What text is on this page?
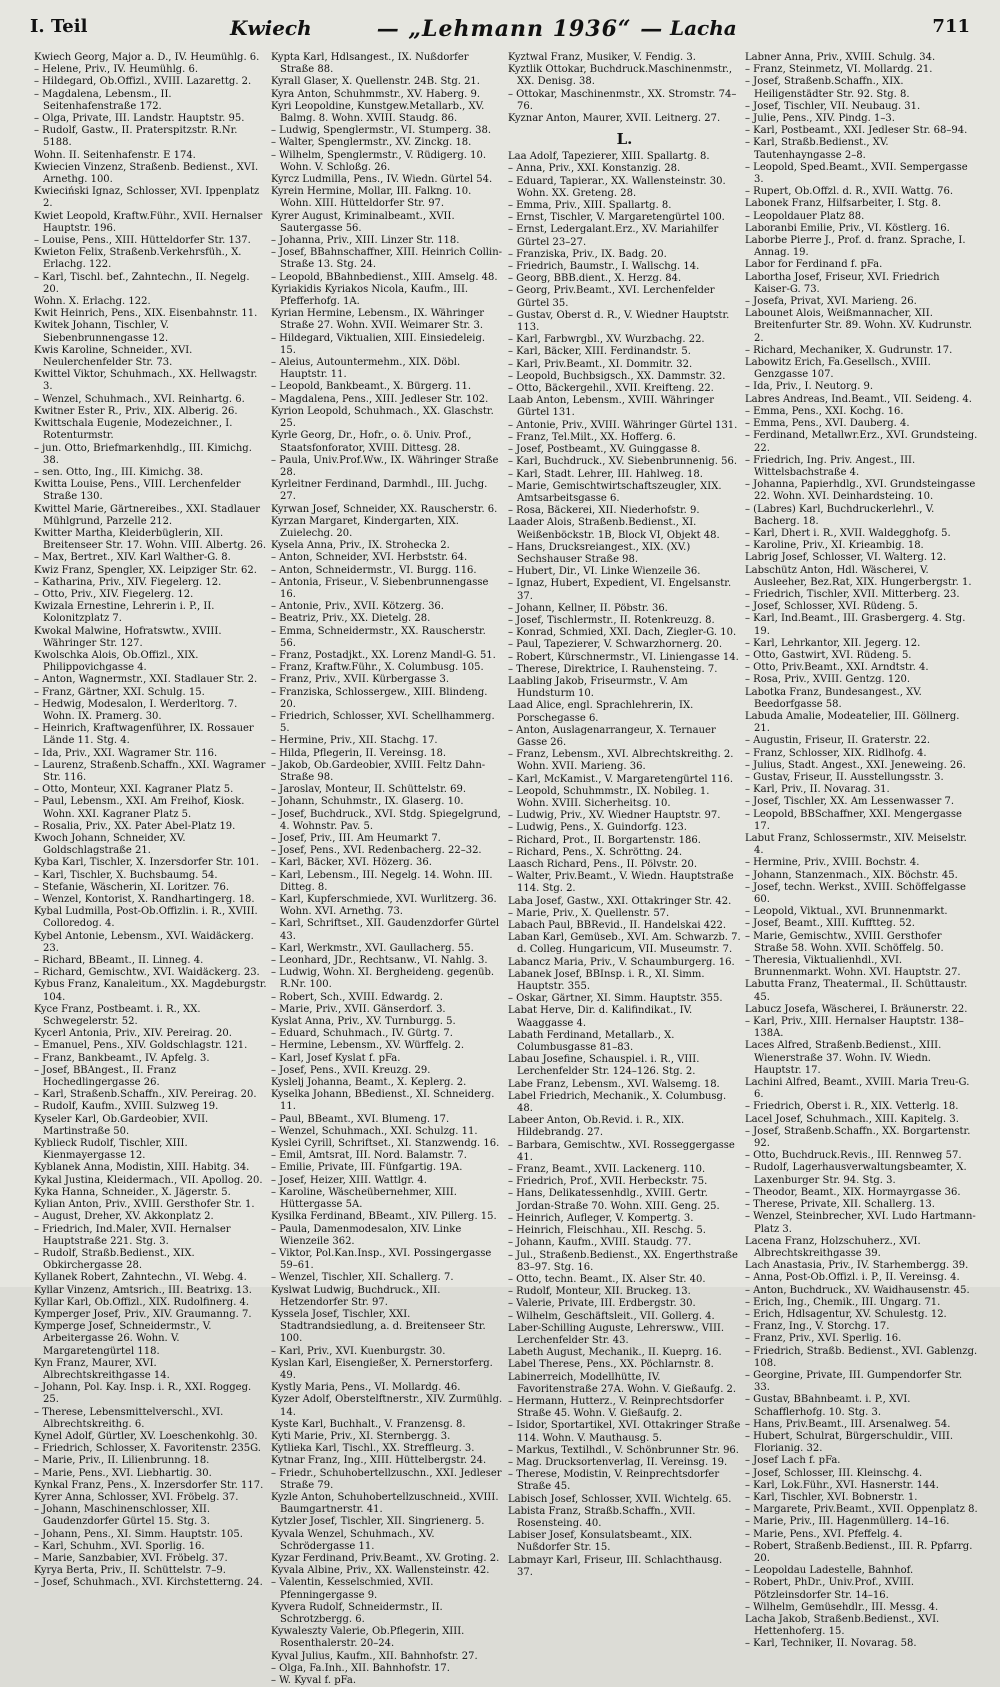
I. Teil	Kwiech	— „Lehmann 1936“ — Lacha	711

Kwiech Georg, Major a. D., IV. Heumühlg. 6.

– Helene, Priv., IV. Heumühlg. 6.

– Hildegard, Ob.Offizl., XVIII. Lazarettg. 2.

– Magdalena, Lebensm., II. Seitenhafenstraße 172.

– Olga, Private, III. Landstr. Hauptstr. 95.

– Rudolf, Gastw., II. Praterspitzstr. R.Nr. 5188.

Wohn. II. Seitenhafenstr. E 174.

Kwiecien Vinzenz, Straßenb. Bedienst., XVI. Arnethg. 100.

Kwieciński Ignaz, Schlosser, XVI. Ippenplatz 2.

Kwiet Leopold, Kraftw.Führ., XVII. Hernalser Hauptstr. 196.

– Louise, Pens., XIII. Hütteldorfer Str. 137.

Kwieton Felix, Straßenb.Verkehrsfüh., X. Erlachg. 122.

– Karl, Tischl. bef., Zahntechn., II. Negelg. 20.

Wohn. X. Erlachg. 122.

Kwit Heinrich, Pens., XIX. Eisenbahnstr. 11.

Kwitek Johann, Tischler, V. Siebenbrunnengasse 12.

Kwis Karoline, Schneider., XVI. Neulerchenfelder Str. 73.

Kwittel Viktor, Schuhmach., XX. Hellwagstr. 3.

– Wenzel, Schuhmach., XVI. Reinhartg. 6.

Kwitner Ester R., Priv., XIX. Alberig. 26.

Kwittschala Eugenie, Modezeichner., I. Rotenturmstr.

– jun. Otto, Briefmarkenhdlg., III. Kimichg. 38.

– sen. Otto, Ing., III. Kimichg. 38.

Kwitta Louise, Pens., VIII. Lerchenfelder Straße 130.

Kwittel Marie, Gärtnereibes., XXI. Stadlauer Mühlgrund, Parzelle 212.

Kwitter Martha, Kleiderbüglerin, XII. Breitenseer Str. 17. Wohn. VIII. Albertg. 26.

– Max, Bertret., XIV. Karl Walther-G. 8.

Kwiz Franz, Spengler, XX. Leipziger Str. 62.

– Katharina, Priv., XIV. Fiegelerg. 12.

– Otto, Priv., XIV. Fiegelerg. 12.

Kwizala Ernestine, Lehrerin i. P., II. Kolonitzplatz 7.

Kwokal Malwine, Hofratswtw., XVIII. Währinger Str. 127.

Kwolschka Alois, Ob.Offizl., XIX. Philippovichgasse 4.

– Anton, Wagnermstr., XXI. Stadlauer Str. 2.

– Franz, Gärtner, XXI. Schulg. 15.

– Hedwig, Modesalon, I. Werderltorg. 7. Wohn. IX. Pramerg. 30.

– Heinrich, Kraftwagenführer, IX. Rossauer Lände 11. Stg. 4.

– Ida, Priv., XXI. Wagramer Str. 116.

– Laurenz, Straßenb.Schaffn., XXI. Wagramer Str. 116.

– Otto, Monteur, XXI. Kagraner Platz 5.

– Paul, Lebensm., XXI. Am Freihof, Kiosk. Wohn. XXI. Kagraner Platz 5.

– Rosalia, Priv., XX. Pater Abel-Platz 19.

Kwoch Johann, Schneider, XV. Goldschlagstraße 21.

Kyba Karl, Tischler, X. Inzersdorfer Str. 101.

– Karl, Tischler, X. Buchsbaumg. 54.

– Stefanie, Wäscherin, XI. Loritzer. 76.

– Wenzel, Kontorist, X. Randhartingerg. 18.

Kybal Ludmilla, Post-Ob.Offizlin. i. R., XVIII. Colloredog. 4.

Kybel Antonie, Lebensm., XVI. Waidäckerg. 23.

– Richard, BBeamt., II. Linneg. 4.

– Richard, Gemischtw., XVI. Waidäckerg. 23.

Kybus Franz, Kanaleitum., XX. Magdeburgstr. 104.

Kyce Franz, Postbeamt. i. R., XX. Schwegelerstr. 52.

Kycerl Antonia, Priv., XIV. Pereirag. 20.

– Emanuel, Pens., XIV. Goldschlagstr. 121.

– Franz, Bankbeamt., IV. Apfelg. 3.

– Josef, BBAngest., II. Franz Hochedlingergasse 26.

– Karl, Straßenb.Schaffn., XIV. Pereirag. 20.

– Rudolf, Kaufm., XVIII. Sulzweg 19.

Kyseler Karl, Ob.Gardeobier, XVII. Martinstraße 50.

Kyblieck Rudolf, Tischler, XIII. Kienmayergasse 12.

Kyblanek Anna, Modistin, XIII. Habitg. 34.

Kykal Justina, Kleidermach., VII. Apollog. 20.

Kyka Hanna, Schneider., X. Jägerstr. 5.

Kylian Anton, Priv., XVIII. Gersthofer Str. 1.

– August, Dreher, XV. Akkonplatz 2.

– Friedrich, Ind.Maler, XVII. Hernalser Hauptstraße 221. Stg. 3.

– Rudolf, Straßb.Bedienst., XIX. Obkirchergasse 28.

Kyllanek Robert, Zahntechn., VI. Webg. 4.

Kyllar Vinzenz, Amtsrich., III. Beatrixg. 13.

Kyllar Karl, Ob.Offizl., XIX. Rudolfinerg. 4.

Kymperger Josef, Priv., XIV. Graumanng. 7.

Kymperge Josef, Schneidermstr., V. Arbeitergasse 26. Wohn. V. Margaretengürtel 118.

Kyn Franz, Maurer, XVI. Albrechtskreithgasse 14.

– Johann, Pol. Kay. Insp. i. R., XXI. Roggeg. 25.

– Therese, Lebensmittelverschl., XVI. Albrechtskreithg. 6.

Kynel Adolf, Gürtler, XV. Loeschenkohlg. 30.

– Friedrich, Schlosser, X. Favoritenstr. 235G.

– Marie, Priv., II. Lilienbrunng. 18.

– Marie, Pens., XVI. Liebhartig. 30.

Kynkal Franz, Pens., X. Inzersdorfer Str. 117.

Kyrer Anna, Schlosser, XVI. Fröbelg. 37.

– Johann, Maschinenschlosser, XII. Gaudenzdorfer Gürtel 15. Stg. 3.

– Johann, Pens., XI. Simm. Hauptstr. 105.

– Karl, Schuhm., XVI. Sporlig. 16.

– Marie, Sanzbabier, XVI. Fröbelg. 37.

Kyrya Berta, Priv., II. Schüttelstr. 7–9.

– Josef, Schuhmach., XVI. Kirchstetterng. 24.

Kypta Karl, Hdlsangest., IX. Nußdorfer Straße 88.

Kyrall Glaser, X. Quellenstr. 24B. Stg. 21.

Kyra Anton, Schuhmmstr., XV. Haberg. 9.

Kyri Leopoldine, Kunstgew.Metallarb., XV. Balmg. 8. Wohn. XVIII. Staudg. 86.

– Ludwig, Spenglermstr., VI. Stumperg. 38.

– Walter, Spenglermstr., XV. Zinckg. 18.

– Wilhelm, Spenglermstr., V. Rüdigerg. 10. Wohn. V. Schloßg. 26.

Kyrcz Ludmilla, Pens., IV. Wiedn. Gürtel 54.

Kyrein Hermine, Mollar, III. Falkng. 10. Wohn. XIII. Hütteldorfer Str. 97.

Kyrer August, Kriminalbeamt., XVII. Sautergasse 56.

– Johanna, Priv., XIII. Linzer Str. 118.

– Josef, BBahnschaffner, XIII. Heinrich Collin-Straße 13. Stg. 24.

– Leopold, BBahnbedienst., XIII. Amselg. 48.

Kyriakidis Kyriakos Nicola, Kaufm., III. Pfefferhofg. 1A.

Kyrian Hermine, Lebensm., IX. Währinger Straße 27. Wohn. XVII. Weimarer Str. 3.

– Hildegard, Viktualien, XIII. Einsiedeleig. 15.

– Aleius, Autountermehm., XIX. Döbl. Hauptstr. 11.

– Leopold, Bankbeamt., X. Bürgerg. 11.

– Magdalena, Pens., XIII. Jedleser Str. 102.

Kyrion Leopold, Schuhmach., XX. Glaschstr. 25.

Kyrle Georg, Dr., Hofr., o. ö. Univ. Prof., Staatsfonforator, XVIII. Dittesg. 28.

– Paula, Univ.Prof.Ww., IX. Währinger Straße 28.

Kyrleitner Ferdinand, Darmhdl., III. Juchg. 27.

Kyrwan Josef, Schneider, XX. Rauscherstr. 6.

Kyrzan Margaret, Kindergarten, XIX. Zuielechg. 20.

Kysela Anna, Priv., IX. Strohecka 2.

– Anton, Schneider, XVI. Herbststr. 64.

– Anton, Schneidermstr., VI. Burgg. 116.

– Antonia, Friseur., V. Siebenbrunnengasse 16.

– Antonie, Priv., XVII. Kötzerg. 36.

– Beatriz, Priv., XX. Dietelg. 28.

– Emma, Schneidermstr., XX. Rauscherstr. 56.

– Franz, Postadjkt., XX. Lorenz Mandl-G. 51.

– Franz, Kraftw.Führ., X. Columbusg. 105.

– Franz, Priv., XVII. Kürbergasse 3.

– Franziska, Schlossergew., XIII. Blindeng. 20.

– Friedrich, Schlosser, XVI. Schellhammerg. 5.

– Hermine, Priv., XII. Stachg. 17.

– Hilda, Pflegerin, II. Vereinsg. 18.

– Jakob, Ob.Gardeobier, XVIII. Feltz Dahn-Straße 98.

– Jaroslav, Monteur, II. Schüttelstr. 69.

– Johann, Schuhmstr., IX. Glaserg. 10.

– Josef, Buchdruck., XVI. Stdg. Spiegelgrund, 4. Wohnstr. Pav. 5.

– Josef, Priv., III. Am Heumarkt 7.

– Josef, Pens., XVI. Redenbacherg. 22–32.

– Karl, Bäcker, XVI. Hözerg. 36.

– Karl, Lebensm., III. Negelg. 14. Wohn. III. Ditteg. 8.

– Karl, Kupferschmiede, XVI. Wurlitzerg. 36. Wohn. XVI. Arnethg. 73.

– Karl, Schriftset., XII. Gaudenzdorfer Gürtel 43.

– Karl, Werkmstr., XVI. Gaullacherg. 55.

– Leonhard, JDr., Rechtsanw., VI. Nahlg. 3.

– Ludwig, Wohn. XI. Bergheideng. gegenüb. R.Nr. 100.

– Robert, Sch., XVIII. Edwardg. 2.

– Marie, Priv., XVII. Gänserdorf. 3.

Kyslat Anna, Priv., XV. Turnburgg. 5.

– Eduard, Schuhmach., IV. Gürtg. 7.

– Hermine, Lebensm., XV. Würffelg. 2.

– Karl, Josef Kyslat f. pFa.

– Josef, Pens., XVII. Kreuzg. 29.

Kyslelj Johanna, Beamt., X. Keplerg. 2.

Kyselka Johann, BBedienst., XI. Schneiderg. 11.

– Paul, BBeamt., XVI. Blumeng. 17.

– Wenzel, Schuhmach., XXI. Schulzg. 11.

Kyslei Cyrill, Schriftset., XI. Stanzwendg. 16.

– Emil, Amtsrat, III. Nord. Balamstr. 7.

– Emilie, Private, III. Fünfgartig. 19A.

– Josef, Heizer, XIII. Wattlgr. 4.

– Karoline, Wäscheübernehmer, XIII. Hüttergasse 5A.

Kysilka Ferdinand, BBeamt., XIV. Pillerg. 15.

– Paula, Damenmodesalon, XIV. Linke Wienzeile 362.

– Viktor, Pol.Kan.Insp., XVI. Possingergasse 59–61.

– Wenzel, Tischler, XII. Schallerg. 7.

Kyslwat Ludwig, Buchdruck., XII. Hetzendorfer Str. 97.

Kyssela Josef, Tischler, XXI. Stadtrandsiedlung, a. d. Breitenseer Str. 100.

– Karl, Priv., XVI. Kuenburgstr. 30.

Kyslan Karl, Eisengießer, X. Pernerstorferg. 49.

Kystly Maria, Pens., VI. Mollardg. 46.

Kyzer Adolf, Oberstelftnerstr., XIV. Zurmühlg. 14.

Kyste Karl, Buchhalt., V. Franzensg. 8.

Kyti Marie, Priv., XI. Sternbergg. 3.

Kytlieka Karl, Tischl., XX. Streffleurg. 3.

Kytnar Franz, Ing., XIII. Hüttelbergstr. 24.

– Friedr., Schuhobertellzuschn., XXI. Jedleser Straße 79.

Kyzle Anton, Schuhobertellzuschneid., XVIII. Baumgartnerstr. 41.

Kytzler Josef, Tischler, XII. Singrienerg. 5.

Kyvala Wenzel, Schuhmach., XV. Schrödergasse 11.

Kyzar Ferdinand, Priv.Beamt., XV. Groting. 2.

Kyvala Albine, Priv., XX. Wallensteinstr. 42.

– Valentin, Kesselschmied, XVII. Pfenningergasse 9.

Kyvera Rudolf, Schneidermstr., II. Schrotzbergg. 6.

Kywaleszty Valerie, Ob.Pflegerin, XIII. Rosenthalerstr. 20–24.

Kyval Julius, Kaufm., XII. Bahnhofstr. 27.

– Olga, Fa.Inh., XII. Bahnhofstr. 17.

– W. Kyval f. pFa.

Kyztwal Franz, Musiker, V. Fendig. 3.

Kyztlik Ottokar, Buchdruck.Maschinenmstr., XX. Denisg. 38.

– Ottokar, Maschinenmstr., XX. Stromstr. 74–76.

Kyznar Anton, Maurer, XVII. Leitnerg. 27.

L.

Laa Adolf, Tapezierer, XIII. Spallartg. 8.

– Anna, Priv., XXI. Konstanzig. 28.

– Eduard, Tapierar., XX. Wallensteinstr. 30. Wohn. XX. Greteng. 28.

– Emma, Priv., XIII. Spallartg. 8.

– Ernst, Tischler, V. Margaretengürtel 100.

– Ernst, Ledergalant.Erz., XV. Mariahilfer Gürtel 23–27.

– Franziska, Priv., IX. Badg. 20.

– Friedrich, Baumstr., I. Wallschg. 14.

– Georg, BBB.dient., X. Herzg. 84.

– Georg, Priv.Beamt., XVI. Lerchenfelder Gürtel 35.

– Gustav, Oberst d. R., V. Wiedner Hauptstr. 113.

– Karl, Farbwrgbl., XV. Wurzbachg. 22.

– Karl, Bäcker, XIII. Ferdinandstr. 5.

– Karl, Priv.Beamt., XI. Dommitr. 32.

– Leopold, Buchbsigsch., XX. Dammstr. 32.

– Otto, Bäckergehil., XVII. Kreifteng. 22.

Laab Anton, Lebensm., XVIII. Währinger Gürtel 131.

– Antonie, Priv., XVIII. Währinger Gürtel 131.

– Franz, Tel.Milt., XX. Hofferg. 6.

– Josef, Postbeamt., XV. Guinggasse 8.

– Karl, Buchdruck., XV. Siebenbrunnenig. 56.

– Karl, Stadt. Lehrer, III. Hahlweg. 18.

– Marie, Gemischtwirtschaftszeugler, XIX. Amtsarbeitsgasse 6.

– Rosa, Bäckerei, XII. Niederhofstr. 9.

Laader Alois, Straßenb.Bedienst., XI. Weißenböckstr. 1B, Block VI, Objekt 48.

– Hans, Drucksreiangest., XIX. (XV.) Sechshauser Straße 98.

– Hubert, Dir., VI. Linke Wienzeile 36.

– Ignaz, Hubert, Expedient, VI. Engelsanstr. 37.

– Johann, Kellner, II. Pöbstr. 36.

– Josef, Tischlermstr., II. Rotenkreuzg. 8.

– Konrad, Schmied, XXI. Dach, Ziegler-G. 10.

– Paul, Tapezierer, V. Schwarzhornerg. 20.

– Robert, Kürschnermstr., VI. Liniengasse 14.

– Therese, Direktrice, I. Rauhensteing. 7.

Laabling Jakob, Friseurmstr., V. Am Hundsturm 10.

Laad Alice, engl. Sprachlehrerin, IX. Porschegasse 6.

– Anton, Auslagenarrangeur, X. Ternauer Gasse 26.

– Franz, Lebensm., XVI. Albrechtskreithg. 2. Wohn. XVII. Marieng. 36.

– Karl, McKamist., V. Margaretengürtel 116.

– Leopold, Schuhmmstr., IX. Nobileg. 1. Wohn. XVIII. Sicherheitsg. 10.

– Ludwig, Priv., XV. Wiedner Hauptstr. 97.

– Ludwig, Pens., X. Guindorfg. 123.

– Richard, Prot., II. Borgartenstr. 186.

– Richard, Pens., X. Schröttng. 24.

Laasch Richard, Pens., II. Pölvstr. 20.

– Walter, Priv.Beamt., V. Wiedn. Hauptstraße 114. Stg. 2.

Laba Josef, Gastw., XXI. Ottakringer Str. 42.

– Marie, Priv., X. Quellenstr. 57.

Labach Paul, BBRevid., II. Handelskai 422.

Laban Karl, Gemüseb., XVI. Am. Schwarzb. 7. d. Colleg. Hungaricum, VII. Museumstr. 7.

Labancz Maria, Priv., V. Schaumburgerg. 16.

Labanek Josef, BBInsp. i. R., XI. Simm. Hauptstr. 355.

– Oskar, Gärtner, XI. Simm. Hauptstr. 355.

Labat Herve, Dir. d. Kalifindikat., IV. Waaggasse 4.

Labath Ferdinand, Metallarb., X. Columbusgasse 81–83.

Labau Josefine, Schauspiel. i. R., VIII. Lerchenfelder Str. 124–126. Stg. 2.

Labe Franz, Lebensm., XVI. Walsemg. 18.

Label Friedrich, Mechanik., X. Columbusg. 48.

Labeer Anton, Ob.Revid. i. R., XIX. Hildebrandg. 27.

– Barbara, Gemischtw., XVI. Rosseggergasse 41.

– Franz, Beamt., XVII. Lackenerg. 110.

– Friedrich, Prof., XVII. Herbeckstr. 75.

– Hans, Delikatessenhdlg., XVIII. Gertr. Jordan-Straße 70. Wohn. XIII. Geng. 25.

– Heinrich, Aufleger, V. Kompertg. 3.

– Heinrich, Fleischhau., XII. Reschg. 5.

– Johann, Kaufm., XVIII. Staudg. 77.

– Jul., Straßenb.Bedienst., XX. Engerthstraße 83–97. Stg. 16.

– Otto, techn. Beamt., IX. Alser Str. 40.

– Rudolf, Monteur, XII. Bruckeg. 13.

– Valerie, Private, III. Erdbergstr. 30.

– Wilhelm, Geschäftsleit., VII. Gollerg. 4.

Laber-Schilling Auguste, Lehrersww., VIII. Lerchenfelder Str. 43.

Labeth August, Mechanik., II. Kueprg. 16.

Label Therese, Pens., XX. Pöchlarnstr. 8.

Labinerreich, Modellhütte, IV. Favoritenstraße 27A. Wohn. V. Gießaufg. 2.

– Hermann, Hutterz., V. Reinprechtsdorfer Straße 45. Wohn. V. Gießaufg. 2.

– Isidor, Sportartikel, XVI. Ottakringer Straße 114. Wohn. V. Mauthausg. 5.

– Markus, Textilhdl., V. Schönbrunner Str. 96.

– Mag. Drucksortenverlag, II. Vereinsg. 19.

– Therese, Modistin, V. Reinprechtsdorfer Straße 45.

Labisch Josef, Schlosser, XVII. Wichtelg. 65.

Labista Franz, Straßb.Schaffn., XVII. Rosensteing. 40.

Labiser Josef, Konsulatsbeamt., XIX. Nußdorfer Str. 15.

Labmayr Karl, Friseur, III. Schlachthausg. 37.

Labner Anna, Priv., XVIII. Schulg. 34.

– Franz, Steinmetz, VI. Mollardg. 21.

– Josef, Straßenb.Schaffn., XIX. Heiligenstädter Str. 92. Stg. 8.

– Josef, Tischler, VII. Neubaug. 31.

– Julie, Pens., XIV. Pindg. 1–3.

– Karl, Postbeamt., XXI. Jedleser Str. 68–94.

– Karl, Straßb.Bedienst., XV. Tautenhayngasse 2–8.

– Leopold, Sped.Beamt., XVII. Sempergasse 3.

– Rupert, Ob.Offzl. d. R., XVII. Wattg. 76.

Labonek Franz, Hilfsarbeiter, I. Stg. 8.

– Leopoldauer Platz 88.

Laboranbi Emilie, Priv., VI. Köstlerg. 16.

Laborbe Pierre J., Prof. d. franz. Sprache, I. Annag. 19.

Labor for Ferdinand f. pFa.

Labortha Josef, Friseur, XVI. Friedrich Kaiser-G. 73.

– Josefa, Privat, XVI. Marieng. 26.

Labounet Alois, Weißmannacher, XII. Breitenfurter Str. 89. Wohn. XV. Kudrunstr. 2.

– Richard, Mechaniker, X. Gudrunstr. 17.

Labowitz Erich, Fa.Gesellsch., XVIII. Genzgasse 107.

– Ida, Priv., I. Neutorg. 9.

Labres Andreas, Ind.Beamt., VII. Seideng. 4.

– Emma, Pens., XXI. Kochg. 16.

– Emma, Pens., XVI. Dauberg. 4.

– Ferdinand, Metallwr.Erz., XVI. Grundsteing. 22.

– Friedrich, Ing. Priv. Angest., III. Wittelsbachstraße 4.

– Johanna, Papierhdlg., XVI. Grundsteingasse 22. Wohn. XVI. Deinhardsteing. 10.

– (Labres) Karl, Buchdruckerlehrl., V. Bacherg. 18.

– Karl, Dhert i. R., XVII. Waldegghofg. 5.

– Karoline, Priv., XI. Krieambig. 18.

Labrig Josef, Schlosser, VI. Walterg. 12.

Labschütz Anton, Hdl. Wäscherei, V. Ausleeher, Bez.Rat, XIX. Hungerbergstr. 1.

– Friedrich, Tischler, XVII. Mitterberg. 23.

– Josef, Schlosser, XVI. Rüdeng. 5.

– Karl, Ind.Beamt., III. Grasbergerg. 4. Stg. 19.

– Karl, Lehrkantor, XII. Jegerg. 12.

– Otto, Gastwirt, XVI. Rüdeng. 5.

– Otto, Priv.Beamt., XXI. Arndtstr. 4.

– Rosa, Priv., XVIII. Gentzg. 120.

Labotka Franz, Bundesangest., XV. Beedorfgasse 58.

Labuda Amalie, Modeatelier, III. Göllnerg. 21.

– Augustin, Friseur, II. Graterstr. 22.

– Franz, Schlosser, XIX. Ridlhofg. 4.

– Julius, Stadt. Angest., XXI. Jeneweing. 26.

– Gustav, Friseur, II. Ausstellungsstr. 3.

– Karl, Priv., II. Novarag. 31.

– Josef, Tischler, XX. Am Lessenwasser 7.

– Leopold, BBSchaffner, XXI. Mengergasse 17.

Labut Franz, Schlossermstr., XIV. Meiselstr. 4.

– Hermine, Priv., XVIII. Bochstr. 4.

– Johann, Stanzenmach., XIX. Böchstr. 45.

– Josef, techn. Werkst., XVIII. Schöffelgasse 60.

– Leopold, Viktual., XVI. Brunnenmarkt.

– Josef, Beamt., XIII. Kufftteg. 52.

– Marie, Gemischtw., XVIII. Gersthofer Straße 58. Wohn. XVII. Schöffelg. 50.

– Theresia, Viktualienhdl., XVI. Brunnenmarkt. Wohn. XVI. Hauptstr. 27.

Labutta Franz, Theatermal., II. Schüttaustr. 45.

Labucz Josefa, Wäscherei, I. Bräunerstr. 22.

– Karl, Priv., XIII. Hernalser Hauptstr. 138–138A.

Laces Alfred, Straßenb.Bedienst., XIII. Wienerstraße 37. Wohn. IV. Wiedn. Hauptstr. 17.

Lachini Alfred, Beamt., XVIII. Maria Treu-G. 6.

– Friedrich, Oberst i. R., XIX. Vetterlg. 18.

Lacel Josef, Schuhmach., XIII. Kapitelg. 3.

– Josef, Straßenb.Schaffn., XX. Borgartenstr. 92.

– Otto, Buchdruck.Revis., III. Rennweg 57.

– Rudolf, Lagerhausverwaltungsbeamter, X. Laxenburger Str. 94. Stg. 3.

– Theodor, Beamt., XIX. Hormayrgasse 36.

– Therese, Private, XII. Schallerg. 13.

– Wenzel, Steinbrecher, XVI. Ludo Hartmann-Platz 3.

Lacena Franz, Holzschuherz., XVI. Albrechtskreithgasse 39.

Lach Anastasia, Priv., IV. Starhembergg. 39.

– Anna, Post-Ob.Offizl. i. P., II. Vereinsg. 4.

– Anton, Buchdruck., XV. Waidhausenstr. 45.

– Erich, Ing., Chemik., III. Ungarg. 71.

– Erich, Hdlsagentur, XV. Schulestg. 12.

– Franz, Ing., V. Storchg. 17.

– Franz, Priv., XVI. Sperlig. 16.

– Friedrich, Straßb. Bedienst., XVI. Gablenzg. 108.

– Georgine, Private, III. Gumpendorfer Str. 33.

– Gustav, BBahnbeamt. i. P., XVI. Schafflerhofg. 10. Stg. 3.

– Hans, Priv.Beamt., III. Arsenalweg. 54.

– Hubert, Schulrat, Bürgerschuldir., VIII. Florianig. 32.

– Josef Lach f. pFa.

– Josef, Schlosser, III. Kleinschg. 4.

– Karl, Lok.Führ., XVI. Hasnerstr. 144.

– Karl, Tischler, XVI. Bobnerstr. 1.

– Margarete, Priv.Beamt., XVII. Oppenplatz 8.

– Marie, Priv., III. Hagenmüllerg. 14–16.

– Marie, Pens., XVI. Pfeffelg. 4.

– Robert, Straßenb.Bedienst., III. R. Ppfarrg. 20.

– Leopoldau Ladestelle, Bahnhof.

– Robert, PhDr., Univ.Prof., XVIII. Pötzleinsdorfer Str. 14–16.

– Wilhelm, Gemüsehdlr., III. Messg. 4.

Lacha Jakob, Straßenb.Bedienst., XVI. Hettenhoferg. 15.

– Karl, Techniker, II. Novarag. 58.
